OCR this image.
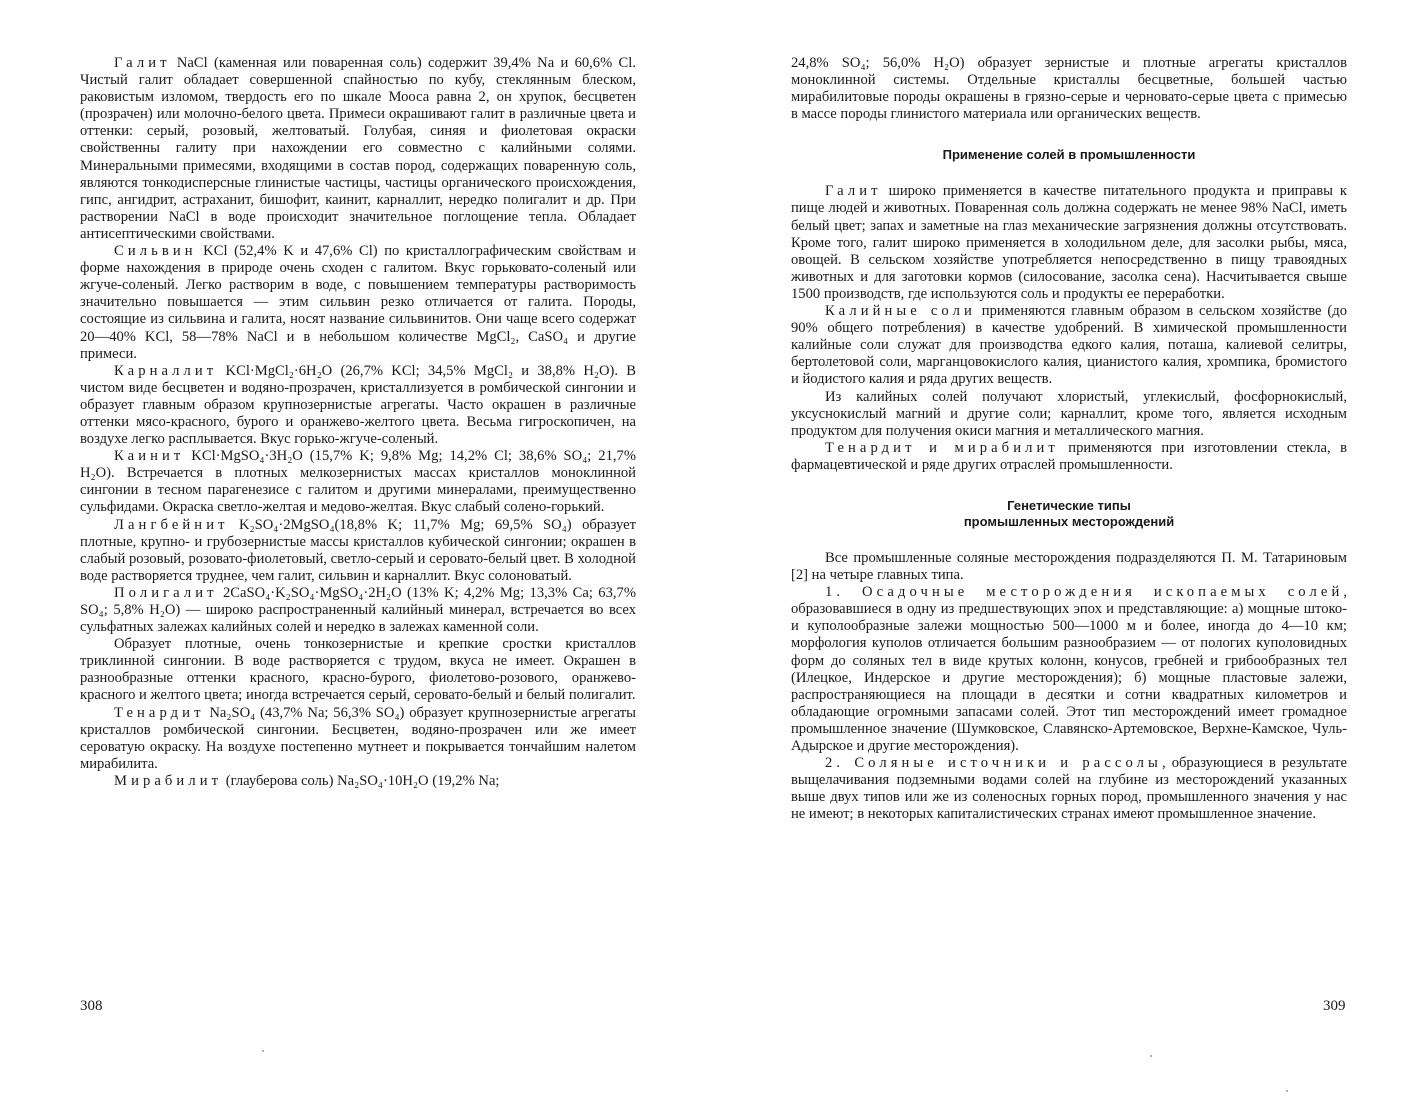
Галит NaCl (каменная или поваренная соль) содержит 39,4% Na и 60,6% Cl. Чистый галит обладает совершенной спайностью по кубу, стеклянным блеском, раковистым изломом, твердость его по шкале Мооса равна 2, он хрупок, бесцветен (прозрачен) или молочно-белого цвета. Примеси окрашивают галит в различные цвета и оттенки: серый, розовый, желтоватый. Голубая, синяя и фиолетовая окраски свойственны галиту при нахождении его совместно с калийными солями. Минеральными примесями, входящими в состав пород, содержащих поваренную соль, являются тонкодисперсные глинистые частицы, частицы органического происхождения, гипс, ангидрит, астраханит, бишофит, каинит, карналлит, нередко полигалит и др. При растворении NaCl в воде происходит значительное поглощение тепла. Обладает антисептическими свойствами.

Сильвин KCl (52,4% K и 47,6% Cl) по кристаллографическим свойствам и форме нахождения в природе очень сходен с галитом. Вкус горьковато-соленый или жгуче-соленый. Легко растворим в воде, с повышением температуры растворимость значительно повышается — этим сильвин резко отличается от галита. Породы, состоящие из сильвина и галита, носят название сильвинитов. Они чаще всего содержат 20—40% KCl, 58—78% NaCl и в небольшом количестве MgCl₂, CaSO₄ и другие примеси.

Карналлит KCl·MgCl₂·6H₂O (26,7% KCl; 34,5% MgCl₂ и 38,8% H₂O). В чистом виде бесцветен и водяно-прозрачен, кристаллизуется в ромбической сингонии и образует главным образом крупнозернистые агрегаты. Часто окрашен в различные оттенки мясо-красного, бурого и оранжево-желтого цвета. Весьма гигроскопичен, на воздухе легко расплывается. Вкус горько-жгуче-соленый.

Каинит KCl·MgSO₄·3H₂O (15,7% K; 9,8% Mg; 14,2% Cl; 38,6% SO₄; 21,7% H₂O). Встречается в плотных мелкозернистых массах кристаллов моноклинной сингонии в тесном парагенезисе с галитом и другими минералами, преимущественно сульфидами. Окраска светло-желтая и медово-желтая. Вкус слабый солено-горький.

Лангбейнит K₂SO₄·2MgSO₄(18,8% K; 11,7% Mg; 69,5% SO₄) образует плотные, крупно- и грубозернистые массы кристаллов кубической сингонии; окрашен в слабый розовый, розовато-фиолетовый, светло-серый и серовато-белый цвет. В холодной воде растворяется труднее, чем галит, сильвин и карналлит. Вкус солоноватый.

Полигалит 2CaSO₄·K₂SO₄·MgSO₄·2H₂O (13% K; 4,2% Mg; 13,3% Ca; 63,7% SO₄; 5,8% H₂O) — широко распространенный калийный минерал, встречается во всех сульфатных залежах калийных солей и нередко в залежах каменной соли.

Образует плотные, очень тонкозернистые и крепкие сростки кристаллов триклинной сингонии. В воде растворяется с трудом, вкуса не имеет. Окрашен в разнообразные оттенки красного, красно-бурого, фиолетово-розового, оранжево-красного и желтого цвета; иногда встречается серый, серовато-белый и белый полигалит.

Тенардит Na₂SO₄ (43,7% Na; 56,3% SO₄) образует крупнозернистые агрегаты кристаллов ромбической сингонии. Бесцветен, водяно-прозрачен или же имеет сероватую окраску. На воздухе постепенно мутнеет и покрывается тончайшим налетом мирабилита.

Мирабилит (глауберова соль) Na₂SO₄·10H₂O (19,2% Na;

308

24,8% SO₄; 56,0% H₂O) образует зернистые и плотные агрегаты кристаллов моноклинной системы. Отдельные кристаллы бесцветные, большей частью мирабилитовые породы окрашены в грязно-серые и черновато-серые цвета с примесью в массе породы глинистого материала или органических веществ.

Применение солей в промышленности

Галит широко применяется в качестве питательного продукта и приправы к пище людей и животных. Поваренная соль должна содержать не менее 98% NaCl, иметь белый цвет; запах и заметные на глаз механические загрязнения должны отсутствовать. Кроме того, галит широко применяется в холодильном деле, для засолки рыбы, мяса, овощей. В сельском хозяйстве употребляется непосредственно в пищу травоядных животных и для заготовки кормов (силосование, засолка сена). Насчитывается свыше 1500 производств, где используются соль и продукты ее переработки.

Калийные соли применяются главным образом в сельском хозяйстве (до 90% общего потребления) в качестве удобрений. В химической промышленности калийные соли служат для производства едкого калия, поташа, калиевой селитры, бертолетовой соли, марганцовокислого калия, цианистого калия, хромпика, бромистого и йодистого калия и ряда других веществ.

Из калийных солей получают хлористый, углекислый, фосфорнокислый, уксуснокислый магний и другие соли; карналлит, кроме того, является исходным продуктом для получения окиси магния и металлического магния.

Тенардит и мирабилит применяются при изготовлении стекла, в фармацевтической и ряде других отраслей промышленности.

Генетические типы
промышленных месторождений

Все промышленные соляные месторождения подразделяются П. М. Татариновым [2] на четыре главных типа.

1. Осадочные месторождения ископаемых солей, образовавшиеся в одну из предшествующих эпох и представляющие: а) мощные штоко- и куполообразные залежи мощностью 500—1000 м и более, иногда до 4—10 км; морфология куполов отличается большим разнообразием — от пологих куполовидных форм до соляных тел в виде крутых колонн, конусов, гребней и грибообразных тел (Илецкое, Индерское и другие месторождения); б) мощные пластовые залежи, распространяющиеся на площади в десятки и сотни квадратных километров и обладающие огромными запасами солей. Этот тип месторождений имеет громадное промышленное значение (Шумковское, Славянско-Артемовское, Верхне-Камское, Чуль-Адырское и другие месторождения).

2. Соляные источники и рассолы, образующиеся в результате выщелачивания подземными водами солей на глубине из месторождений указанных выше двух типов или же из соленосных горных пород, промышленного значения у нас не имеют; в некоторых капиталистических странах имеют промышленное значение.

309
